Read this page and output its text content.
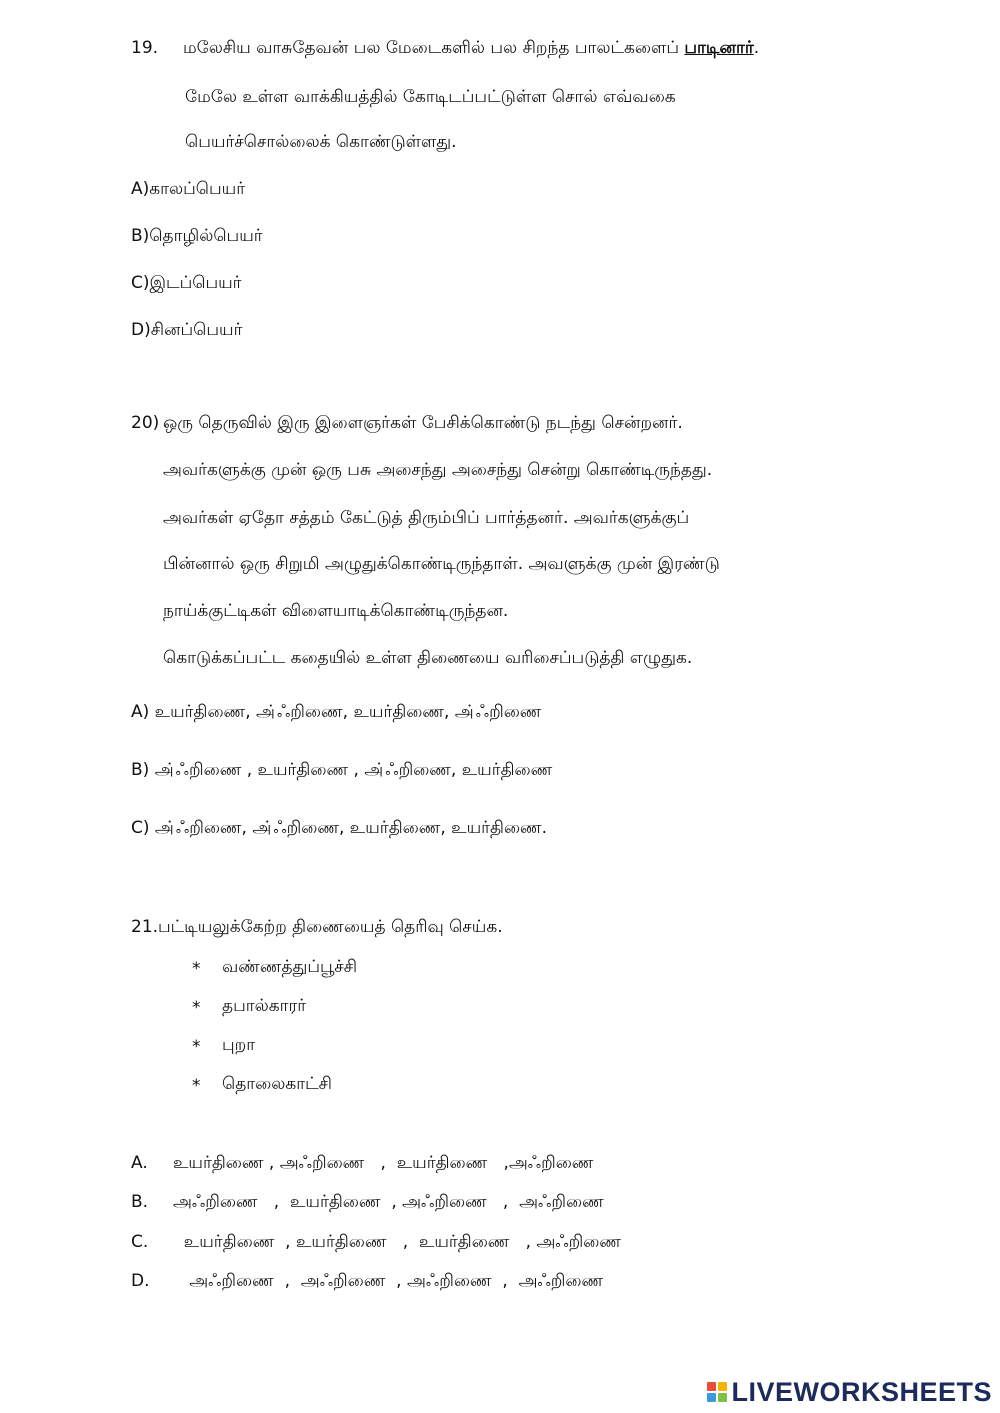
19. மலேசிய வாசுதேவன் பல மேடைகளில் பல சிறந்த பாலட்களைப் பாடினார்.
மேலே உள்ள வாக்கியத்தில் கோடிடப்பட்டுள்ள சொல் எவ்வகை
பெயர்ச்சொல்லைக் கொண்டுள்ளது.
A)காலப்பெயர்
B)தொழில்பெயர்
C)இடப்பெயர்
D)சினப்பெயர்
20) ஒரு தெருவில் இரு இளைஞர்கள் பேசிக்கொண்டு நடந்து சென்றனர்.
அவர்களுக்கு முன் ஒரு பசு அசைந்து அசைந்து சென்று கொண்டிருந்தது.
அவர்கள் ஏதோ சத்தம் கேட்டுத் திரும்பிப் பார்த்தனர். அவர்களுக்குப்
பின்னால் ஒரு சிறுமி அழுதுக்கொண்டிருந்தாள். அவளுக்கு முன் இரண்டு
நாய்க்குட்டிகள் விளையாடிக்கொண்டிருந்தன.
கொடுக்கப்பட்ட கதையில் உள்ள திணையை வரிசைப்படுத்தி எழுதுக.
A) உயர்திணை, அ்ஃறிணை, உயர்திணை, அ்ஃறிணை
B) அ்ஃறிணை , உயர்திணை , அ்ஃறிணை, உயர்திணை
C) அ்ஃறிணை, அ்ஃறிணை, உயர்திணை, உயர்திணை.
21.பட்டியலுக்கேற்ற திணையைத் தெரிவு செய்க.
* வண்ணத்துப்பூச்சி
* தபால்காரர்
* புறா
* தொலைகாட்சி
A. உயர்திணை , அஃறிணை   ,  உயர்திணை   ,அஃறிணை
B. அஃறிணை   ,  உயர்திணை  , அஃறிணை   ,  அஃறிணை
C.  உயர்திணை  , உயர்திணை   ,  உயர்திணை   , அஃறிணை
D.   அஃறிணை  ,  அஃறிணை  , அஃறிணை  ,  அஃறிணை
LIVEWORKSHEETS
